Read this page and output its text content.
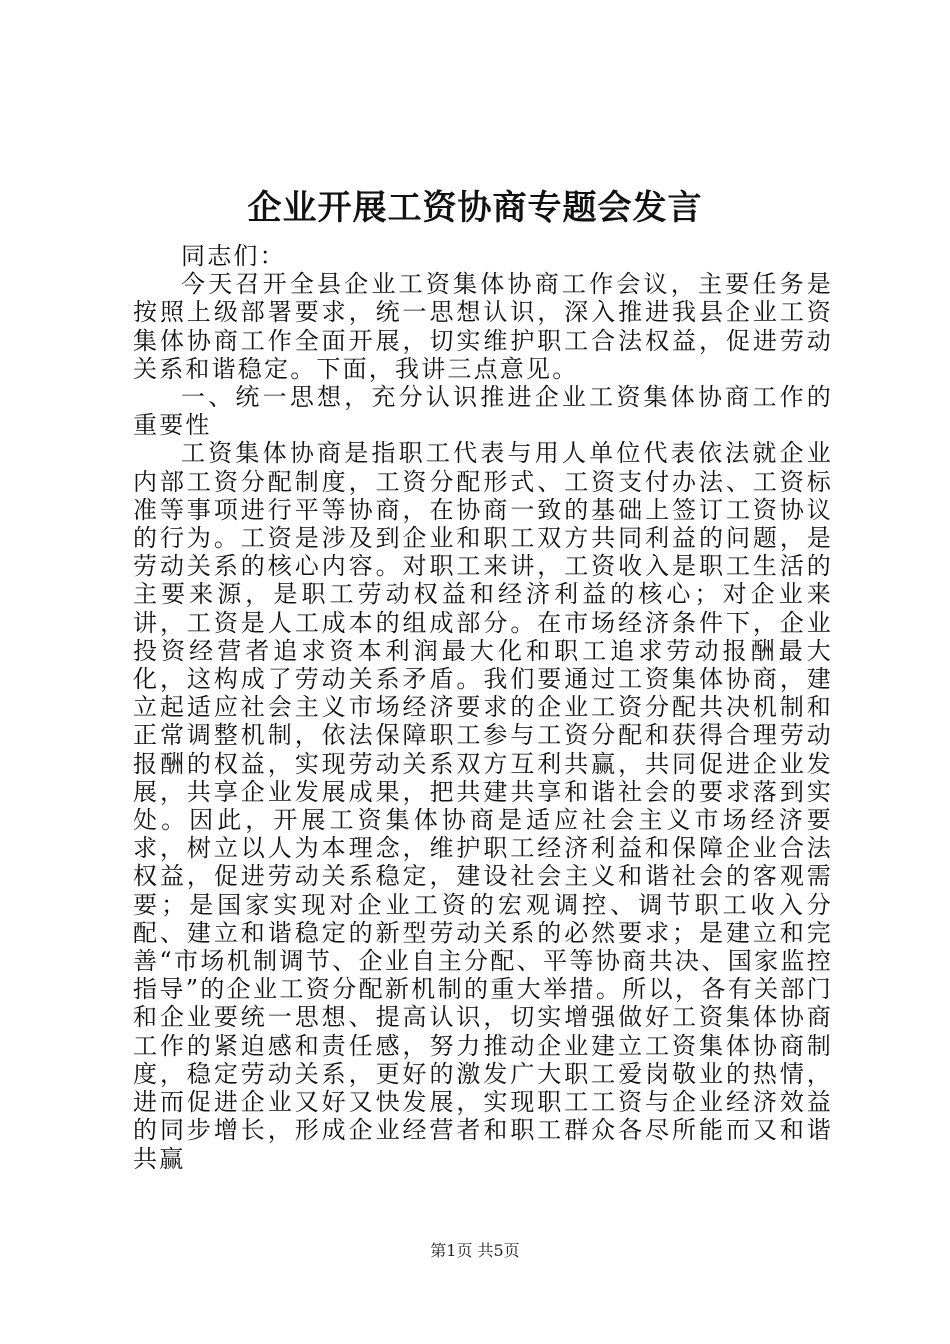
企业开展工资协商专题会发言

同志们：

今天召开全县企业工资集体协商工作会议，主要任务是按照上级部署要求，统一思想认识，深入推进我县企业工资集体协商工作全面开展，切实维护职工合法权益，促进劳动关系和谐稳定。下面，我讲三点意见。

一、统一思想，充分认识推进企业工资集体协商工作的重要性

工资集体协商是指职工代表与用人单位代表依法就企业内部工资分配制度，工资分配形式、工资支付办法、工资标准等事项进行平等协商，在协商一致的基础上签订工资协议的行为。工资是涉及到企业和职工双方共同利益的问题，是劳动关系的核心内容。对职工来讲，工资收入是职工生活的主要来源，是职工劳动权益和经济利益的核心；对企业来讲，工资是人工成本的组成部分。在市场经济条件下，企业投资经营者追求资本利润最大化和职工追求劳动报酬最大化，这构成了劳动关系矛盾。我们要通过工资集体协商，建立起适应社会主义市场经济要求的企业工资分配共决机制和正常调整机制，依法保障职工参与工资分配和获得合理劳动报酬的权益，实现劳动关系双方互利共赢，共同促进企业发展，共享企业发展成果，把共建共享和谐社会的要求落到实处。因此，开展工资集体协商是适应社会主义市场经济要求，树立以人为本理念，维护职工经济利益和保障企业合法权益，促进劳动关系稳定，建设社会主义和谐社会的客观需要；是国家实现对企业工资的宏观调控、调节职工收入分配、建立和谐稳定的新型劳动关系的必然要求；是建立和完善“市场机制调节、企业自主分配、平等协商共决、国家监控指导”的企业工资分配新机制的重大举措。所以，各有关部门和企业要统一思想、提高认识，切实增强做好工资集体协商工作的紧迫感和责任感，努力推动企业建立工资集体协商制度，稳定劳动关系，更好的激发广大职工爱岗敬业的热情，进而促进企业又好又快发展，实现职工工资与企业经济效益的同步增长，形成企业经营者和职工群众各尽所能而又和谐共赢

第1页 共5页
